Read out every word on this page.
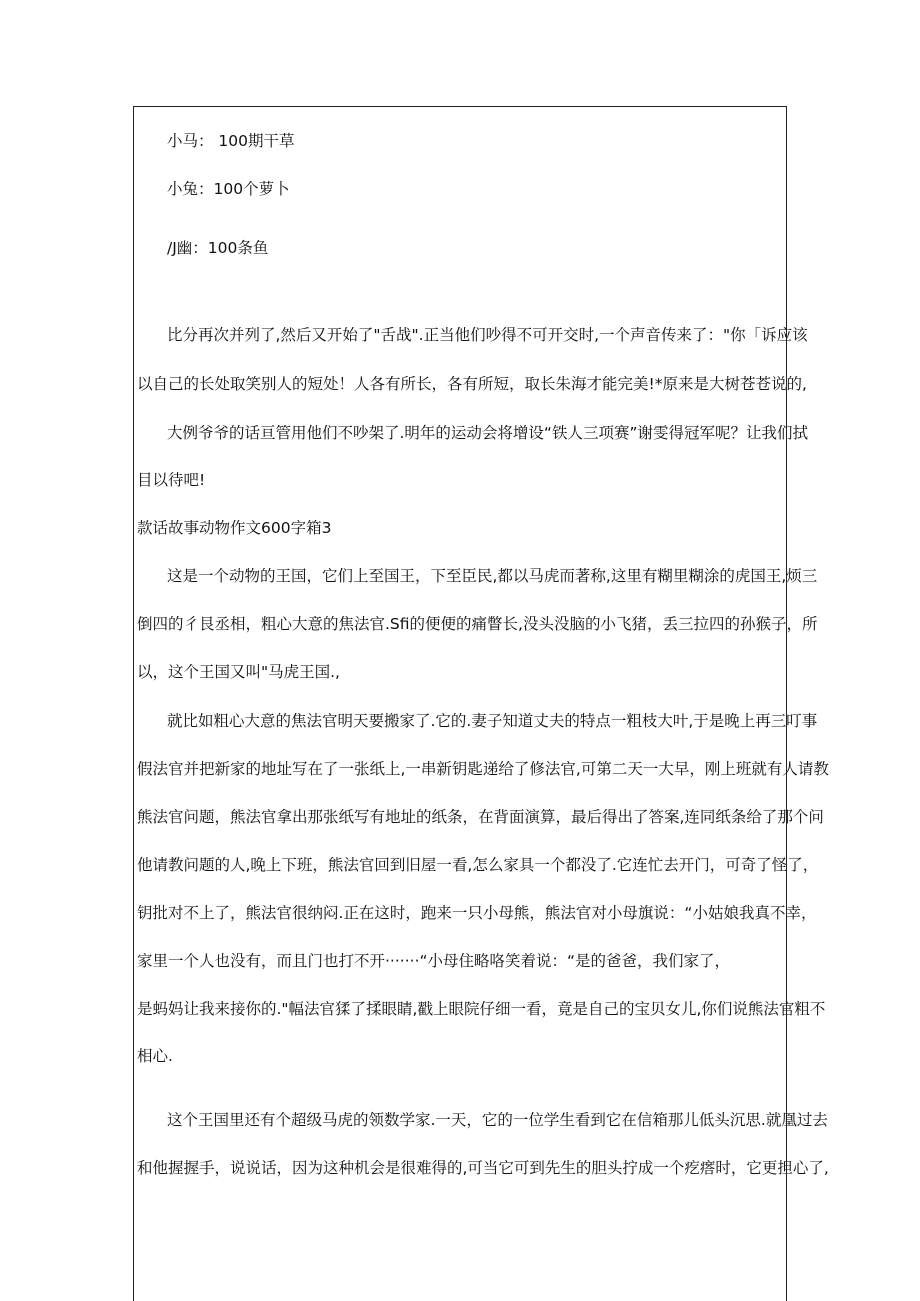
小马： 100期干草
小兔：100个萝卜
/J幽：100条鱼
比分再次并列了,然后又开始了"舌战".正当他们吵得不可开交时,一个声音传来了："你「诉应该
以自己的长处取笑别人的短处！人各有所长，各有所短，取长朱海才能完美!*原来是大树苍苍说的,
大例爷爷的话亘管用他们不吵架了.明年的运动会将增设“铁人三项赛”谢雯得冠军呢？让我们拭
目以待吧!
款话故事动物作文600字箱3
这是一个动物的王国，它们上至国王，下至臣民,都以马虎而著称,这里有糊里糊涂的虎国王,烦三
倒四的彳艮丞相，粗心大意的焦法官.Sfi的便便的痛瞥长,没头没脑的小飞猪，丢三拉四的孙猴子，所
以，这个王国又叫"马虎王国.,
就比如粗心大意的焦法官明天要搬家了.它的.妻子知道丈夫的特点一粗枝大叶,于是晚上再三叮事
假法官并把新家的地址写在了一张纸上,一串新钥匙递给了修法官,可第二天一大早，刚上班就有人请教
熊法官问题，熊法官拿出那张纸写有地址的纸条，在背面演算，最后得出了答案,连同纸条给了那个问
他请教问题的人,晚上下班，熊法官回到旧屋一看,怎么家具一个都没了.它连忙去开门，可奇了怪了，
钥批对不上了，熊法官很纳闷.正在这时，跑来一只小母熊，熊法官对小母旗说：“小姑娘我真不幸，
家里一个人也没有，而且门也打不开·······“小母住略咯笑着说：“是的爸爸，我们家了，
是蚂妈让我来接你的."幅法官猱了揉眼睛,戳上眼院仔细一看，竟是自己的宝贝女儿,你们说熊法官粗不
相心.
这个王国里还有个超级马虎的领数学家.一天，它的一位学生看到它在信箱那儿低头沉思.就凰过去
和他握握手，说说话，因为这种机会是很难得的,可当它可到先生的胆头拧成一个疙瘩时，它更担心了,
